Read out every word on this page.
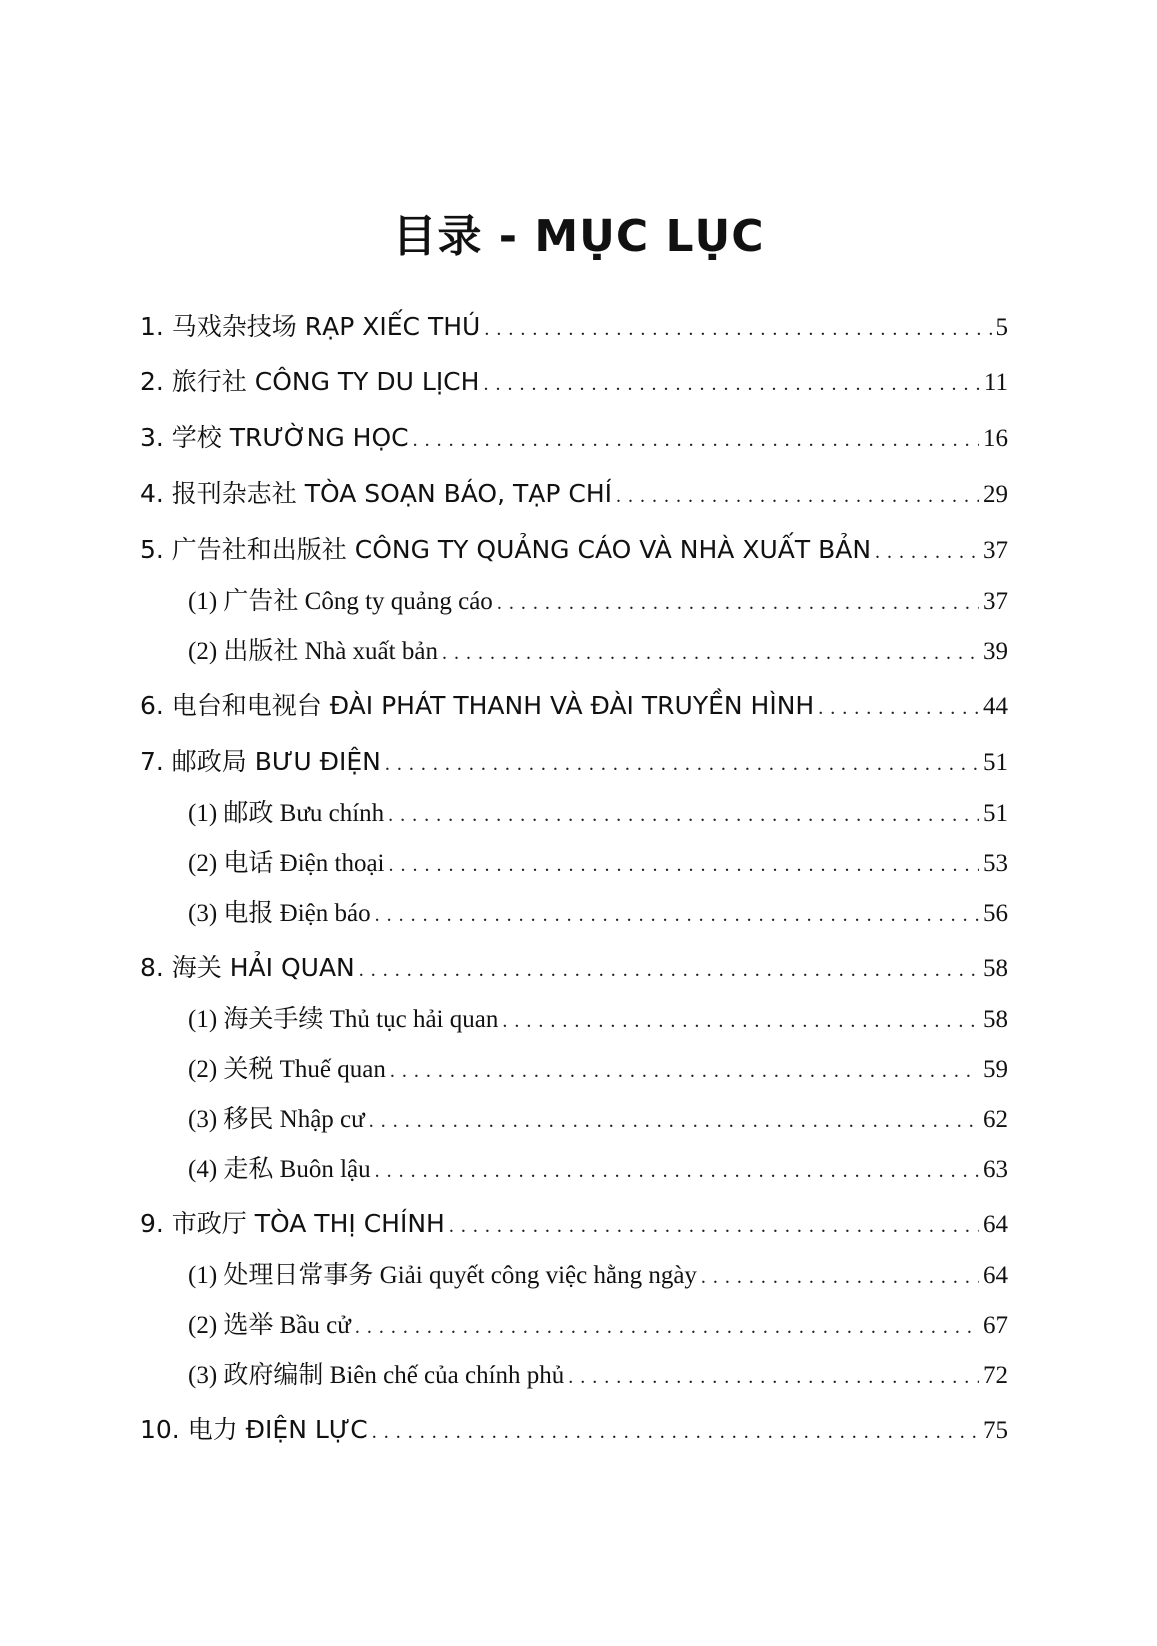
目录 - MỤC LỤC
1. 马戏杂技场 RẠP XIẾC THÚ . . .	5
2. 旅行社 CÔNG TY DU LỊCH . . .	11
3. 学校 TRƯỜNG HỌC . . .	16
4. 报刊杂志社 TÒA SOẠN BÁO, TẠP CHÍ . . .	29
5. 广告社和出版社 CÔNG TY QUẢNG CÁO VÀ NHÀ XUẤT BẢN . . .	37
(1) 广告社 Công ty quảng cáo . . .	37
(2) 出版社 Nhà xuất bản . . .	39
6. 电台和电视台 ĐÀI PHÁT THANH VÀ ĐÀI TRUYỀN HÌNH . . .	44
7. 邮政局 BƯU ĐIỆN . . .	51
(1) 邮政 Bưu chính . . .	51
(2) 电话 Điện thoại . . .	53
(3) 电报 Điện báo . . .	56
8. 海关 HẢI QUAN . . .	58
(1) 海关手续 Thủ tục hải quan . . .	58
(2) 关税 Thuế quan . . .	59
(3) 移民 Nhập cư . . .	62
(4) 走私 Buôn lậu . . .	63
9. 市政厅 TÒA THỊ CHÍNH . . .	64
(1) 处理日常事务 Giải quyết công việc hằng ngày . . .	64
(2) 选举 Bầu cử . . .	67
(3) 政府编制 Biên chế của chính phủ . . .	72
10. 电力 ĐIỆN LỰC . . .	75
